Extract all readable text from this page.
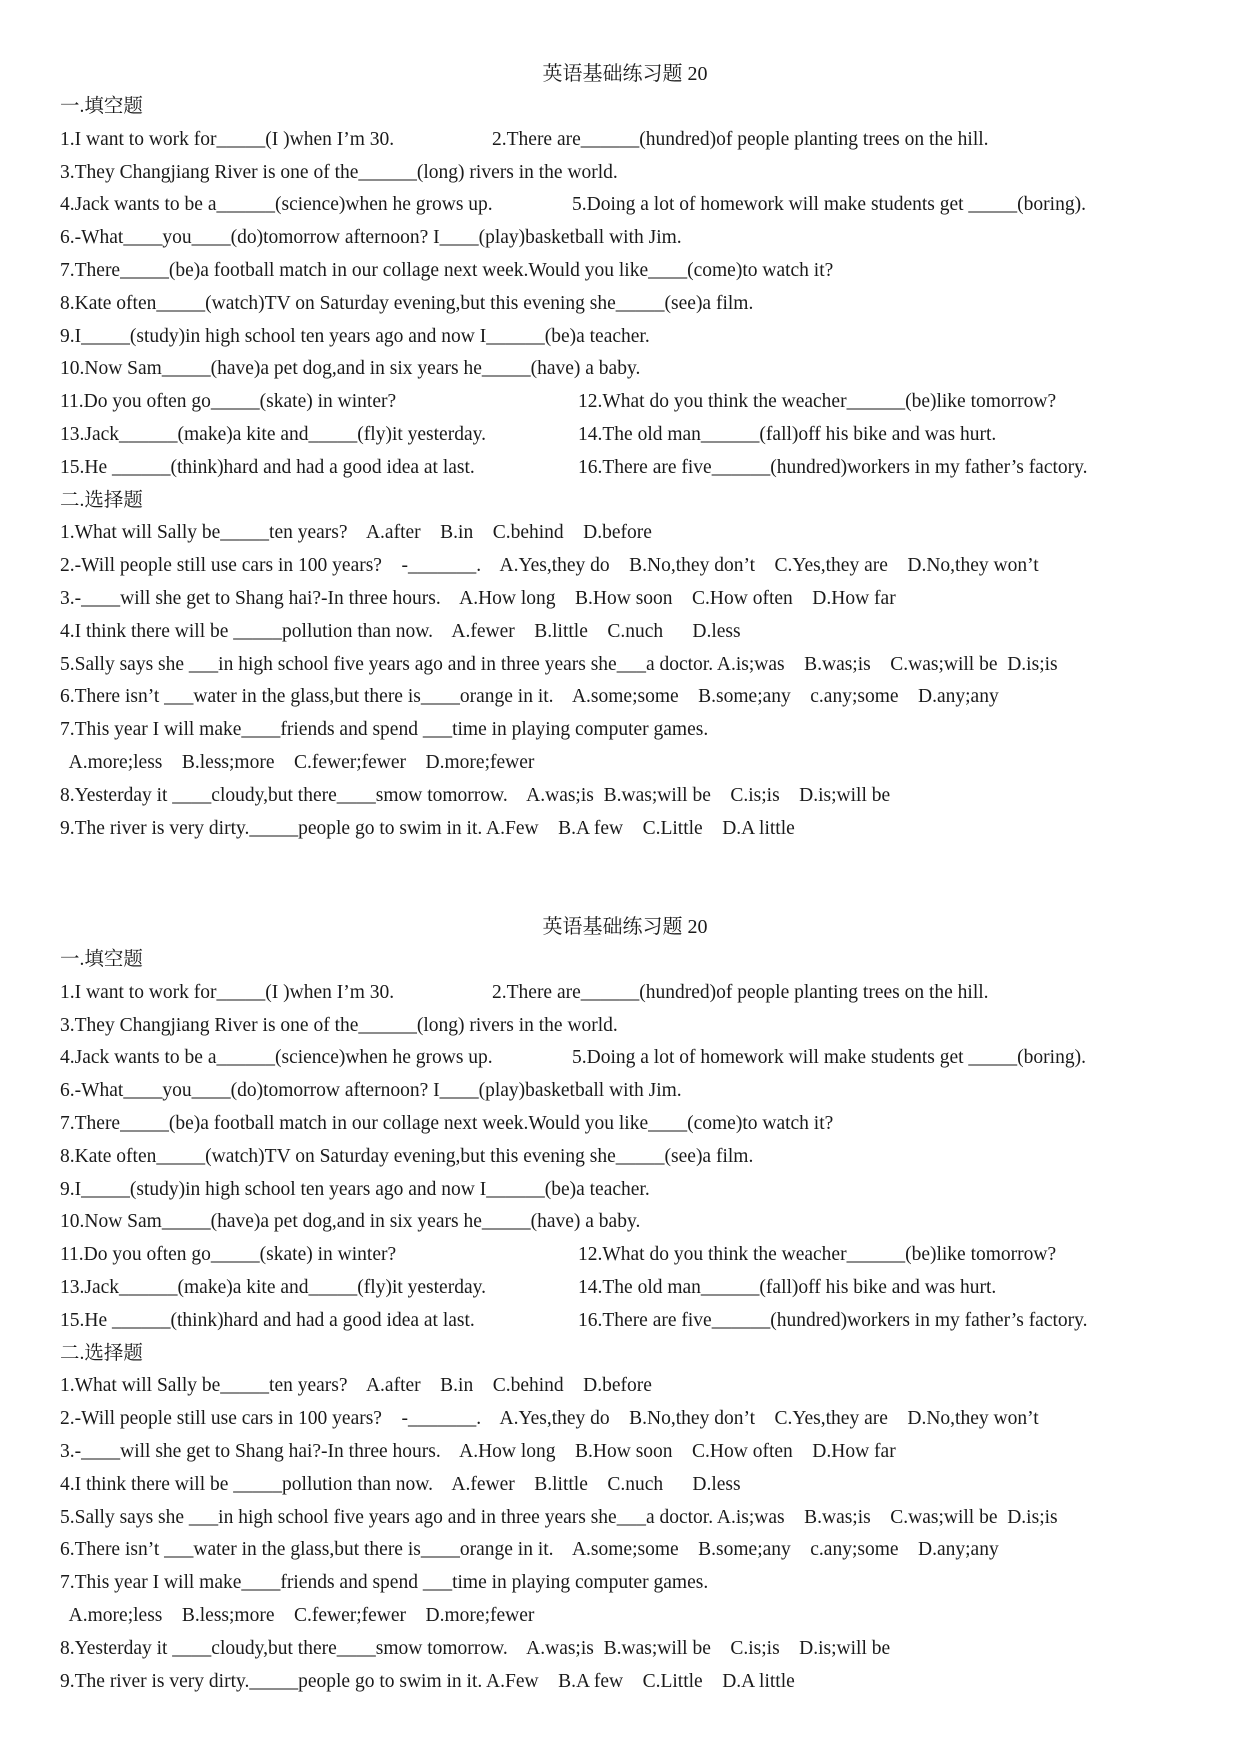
英语基础练习题 20
一.填空题
1.I want to work for_____(I )when I’m 30.	2.There are______(hundred)of people planting trees on the hill.
3.They Changjiang River is one of the______(long) rivers in the world.
4.Jack wants to be a______(science)when he grows up.	5.Doing a lot of homework will make students get _____(boring).
6.-What____you____(do)tomorrow afternoon? I____(play)basketball with Jim.
7.There_____(be)a football match in our collage next week.Would you like____(come)to watch it?
8.Kate often_____(watch)TV on Saturday evening,but this evening she_____(see)a film.
9.I_____(study)in high school ten years ago and now I______(be)a teacher.
10.Now Sam_____(have)a pet dog,and in six years he_____(have) a baby.
11.Do you often go_____(skate) in winter?	12.What do you think the weacher______(be)like tomorrow?
13.Jack______(make)a kite and_____(fly)it yesterday.	14.The old man______(fall)off his bike and was hurt.
15.He ______(think)hard and had a good idea at last.	16.There are five______(hundred)workers in my father’s factory.
二.选择题
1.What will Sally be_____ten years?    A.after    B.in    C.behind    D.before
2.-Will people still use cars in 100 years?    -_______.    A.Yes,they do    B.No,they don’t    C.Yes,they are    D.No,they won’t
3.-____will she get to Shang hai?-In three hours.    A.How long    B.How soon    C.How often    D.How far
4.I think there will be _____pollution than now.    A.fewer    B.little    C.nuch      D.less
5.Sally says she ___in high school five years ago and in three years she___a doctor. A.is;was    B.was;is    C.was;will be  D.is;is
6.There isn’t ___water in the glass,but there is____orange in it.    A.some;some    B.some;any    c.any;some    D.any;any
7.This year I will make____friends and spend ___time in playing computer games.
A.more;less    B.less;more    C.fewer;fewer    D.more;fewer
8.Yesterday it ____cloudy,but there____smow tomorrow.    A.was;is  B.was;will be    C.is;is    D.is;will be
9.The river is very dirty._____people go to swim in it. A.Few    B.A few    C.Little    D.A little
英语基础练习题 20
一.填空题
1.I want to work for_____(I )when I’m 30.	2.There are______(hundred)of people planting trees on the hill.
3.They Changjiang River is one of the______(long) rivers in the world.
4.Jack wants to be a______(science)when he grows up.	5.Doing a lot of homework will make students get _____(boring).
6.-What____you____(do)tomorrow afternoon? I____(play)basketball with Jim.
7.There_____(be)a football match in our collage next week.Would you like____(come)to watch it?
8.Kate often_____(watch)TV on Saturday evening,but this evening she_____(see)a film.
9.I_____(study)in high school ten years ago and now I______(be)a teacher.
10.Now Sam_____(have)a pet dog,and in six years he_____(have) a baby.
11.Do you often go_____(skate) in winter?	12.What do you think the weacher______(be)like tomorrow?
13.Jack______(make)a kite and_____(fly)it yesterday.	14.The old man______(fall)off his bike and was hurt.
15.He ______(think)hard and had a good idea at last.	16.There are five______(hundred)workers in my father’s factory.
二.选择题
1.What will Sally be_____ten years?    A.after    B.in    C.behind    D.before
2.-Will people still use cars in 100 years?    -_______.    A.Yes,they do    B.No,they don’t    C.Yes,they are    D.No,they won’t
3.-____will she get to Shang hai?-In three hours.    A.How long    B.How soon    C.How often    D.How far
4.I think there will be _____pollution than now.    A.fewer    B.little    C.nuch      D.less
5.Sally says she ___in high school five years ago and in three years she___a doctor. A.is;was    B.was;is    C.was;will be  D.is;is
6.There isn’t ___water in the glass,but there is____orange in it.    A.some;some    B.some;any    c.any;some    D.any;any
7.This year I will make____friends and spend ___time in playing computer games.
A.more;less    B.less;more    C.fewer;fewer    D.more;fewer
8.Yesterday it ____cloudy,but there____smow tomorrow.    A.was;is  B.was;will be    C.is;is    D.is;will be
9.The river is very dirty._____people go to swim in it. A.Few    B.A few    C.Little    D.A little
